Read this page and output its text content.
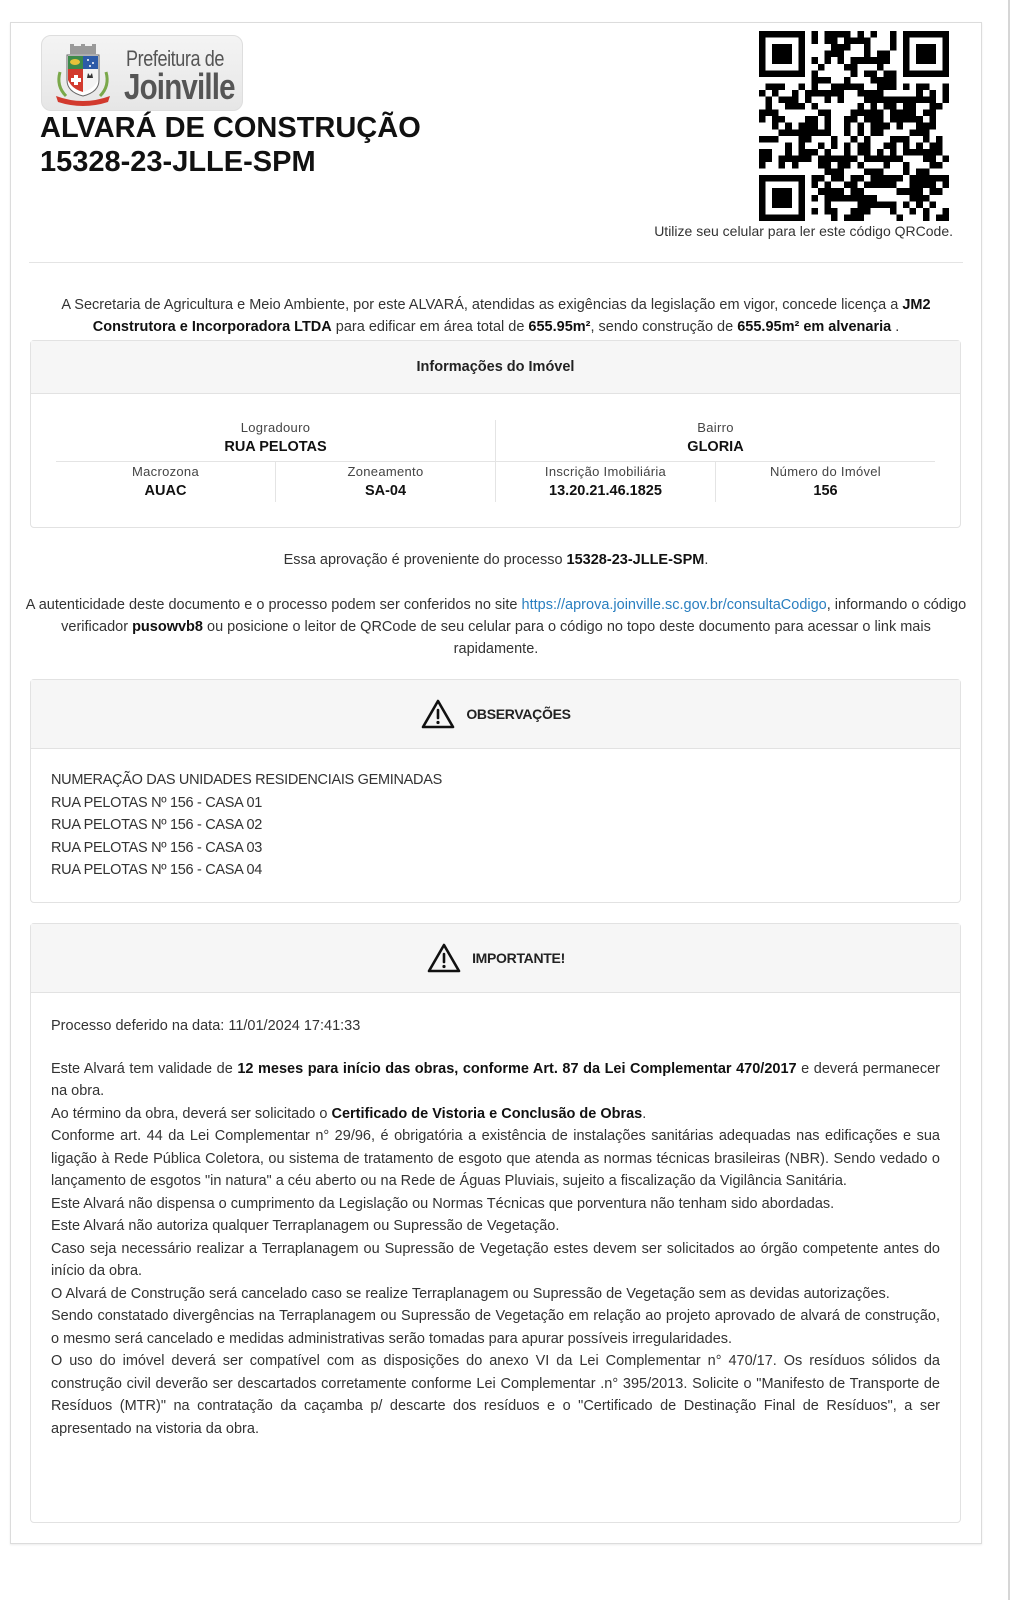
Prefeitura de
Joinville
ALVARÁ DE CONSTRUÇÃO
15328-23-JLLE-SPM
Utilize seu celular para ler este código QRCode.
A Secretaria de Agricultura e Meio Ambiente, por este ALVARÁ, atendidas as exigências da legislação em vigor, concede licença a JM2 Construtora e Incorporadora LTDA para edificar em área total de 655.95m², sendo construção de 655.95m² em alvenaria .
Informações do Imóvel
Logradouro
RUA PELOTAS
Bairro
GLORIA
Macrozona
AUAC
Zoneamento
SA-04
Inscrição Imobiliária
13.20.21.46.1825
Número do Imóvel
156
Essa aprovação é proveniente do processo 15328-23-JLLE-SPM.
A autenticidade deste documento e o processo podem ser conferidos no site https://aprova.joinville.sc.gov.br/consultaCodigo, informando o código verificador pusowvb8 ou posicione o leitor de QRCode de seu celular para o código no topo deste documento para acessar o link mais rapidamente.
OBSERVAÇÕES
NUMERAÇÃO DAS UNIDADES RESIDENCIAIS GEMINADAS
RUA PELOTAS Nº 156 - CASA 01
RUA PELOTAS Nº 156 - CASA 02
RUA PELOTAS Nº 156 - CASA 03
RUA PELOTAS Nº 156 - CASA 04
IMPORTANTE!

Processo deferido na data: 11/01/2024 17:41:33

Este Alvará tem validade de 12 meses para início das obras, conforme Art. 87 da Lei Complementar 470/2017 e deverá permanecer na obra.

Ao término da obra, deverá ser solicitado o Certificado de Vistoria e Conclusão de Obras.

Conforme art. 44 da Lei Complementar n° 29/96, é obrigatória a existência de instalações sanitárias adequadas nas edificações e sua ligação à Rede Pública Coletora, ou sistema de tratamento de esgoto que atenda as normas técnicas brasileiras (NBR). Sendo vedado o lançamento de esgotos "in natura" a céu aberto ou na Rede de Águas Pluviais, sujeito a fiscalização da Vigilância Sanitária.

Este Alvará não dispensa o cumprimento da Legislação ou Normas Técnicas que porventura não tenham sido abordadas.

Este Alvará não autoriza qualquer Terraplanagem ou Supressão de Vegetação.

Caso seja necessário realizar a Terraplanagem ou Supressão de Vegetação estes devem ser solicitados ao órgão competente antes do início da obra.

O Alvará de Construção será cancelado caso se realize Terraplanagem ou Supressão de Vegetação sem as devidas autorizações.

Sendo constatado divergências na Terraplanagem ou Supressão de Vegetação em relação ao projeto aprovado de alvará de construção, o mesmo será cancelado e medidas administrativas serão tomadas para apurar possíveis irregularidades.

O uso do imóvel deverá ser compatível com as disposições do anexo VI da Lei Complementar n° 470/17. Os resíduos sólidos da construção civil deverão ser descartados corretamente conforme Lei Complementar .n° 395/2013. Solicite o "Manifesto de Transporte de Resíduos (MTR)" na contratação da caçamba p/ descarte dos resíduos e o "Certificado de Destinação Final de Resíduos", a ser apresentado na vistoria da obra.
